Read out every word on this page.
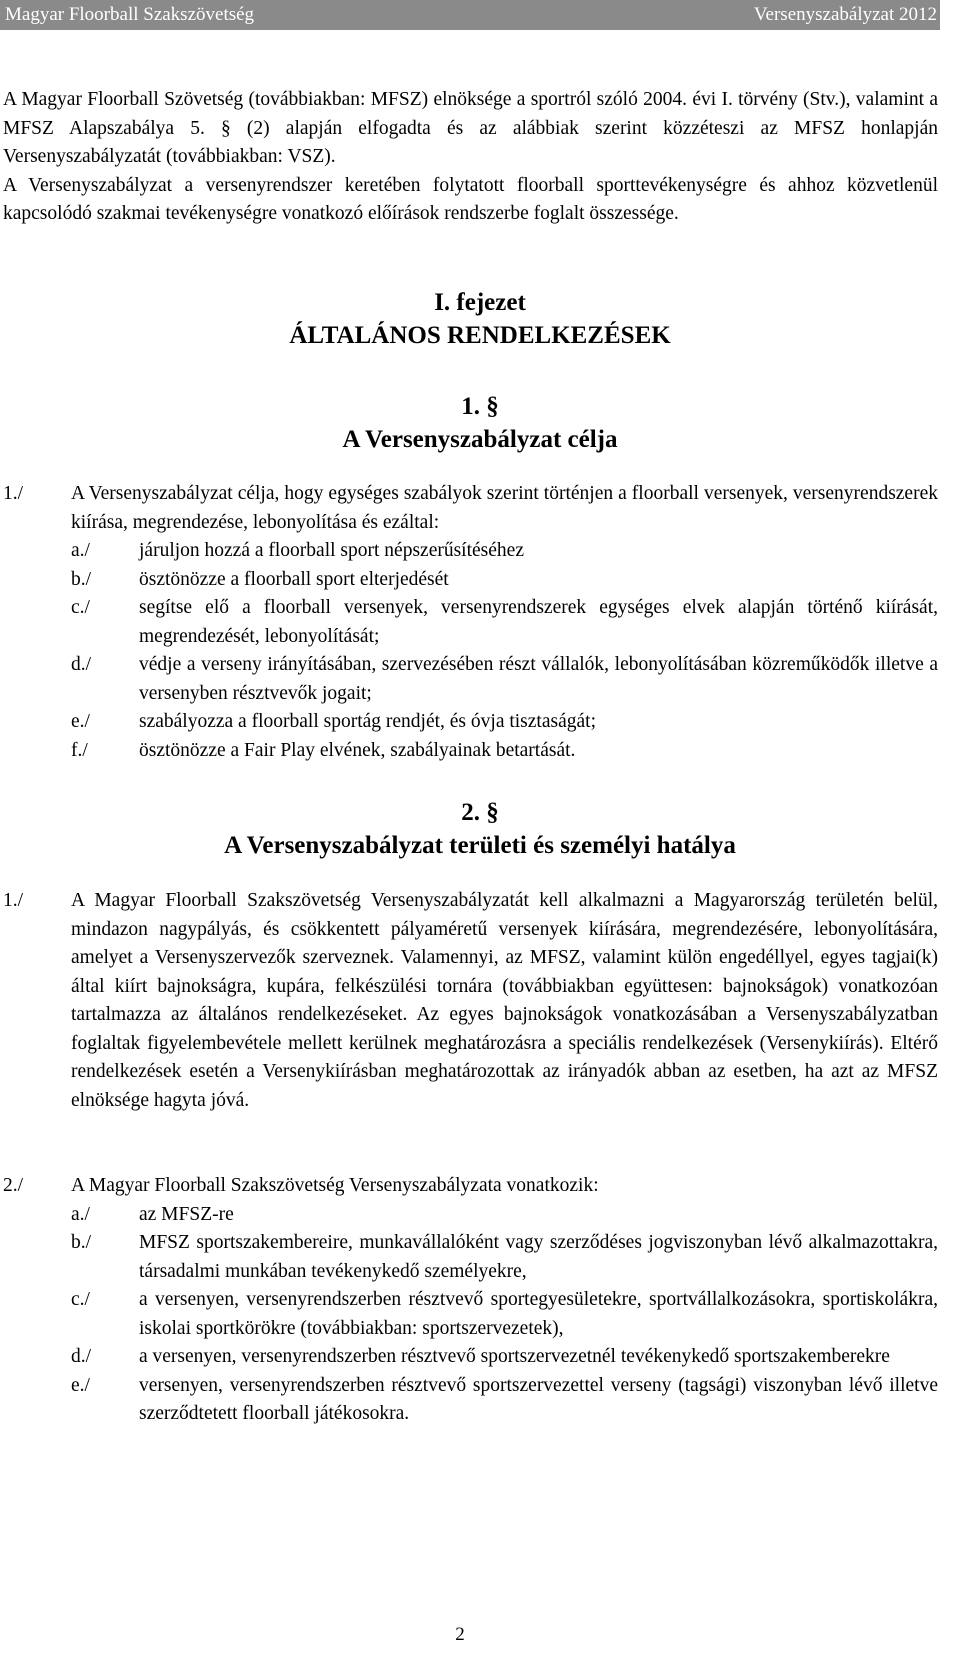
Magyar Floorball Szakszövetség	Versenyszabályzat 2012

A Magyar Floorball Szövetség (továbbiakban: MFSZ) elnöksége a sportról szóló 2004. évi I. törvény (Stv.), valamint a MFSZ Alapszabálya 5. § (2) alapján elfogadta és az alábbiak szerint közzéteszi az MFSZ honlapján Versenyszabályzatát (továbbiakban: VSZ).

A Versenyszabályzat a versenyrendszer keretében folytatott floorball sporttevékenységre és ahhoz közvetlenül kapcsolódó szakmai tevékenységre vonatkozó előírások rendszerbe foglalt összessége.

I. fejezet
ÁLTALÁNOS RENDELKEZÉSEK
1. §
A Versenyszabályzat célja
1./ A Versenyszabályzat célja, hogy egységes szabályok szerint történjen a floorball versenyek, versenyrendszerek kiírása, megrendezése, lebonyolítása és ezáltal:
a./	járuljon hozzá a floorball sport népszerűsítéséhez
b./ ösztönözze a floorball sport elterjedését
c./	segítse elő a floorball versenyek, versenyrendszerek egységes elvek alapján történő kiírását, megrendezését, lebonyolítását;
d./ védje a verseny irányításában, szervezésében részt vállalók, lebonyolításában közreműködők illetve a versenyben résztvevők jogait;
e./	szabályozza a floorball sportág rendjét, és óvja tisztaságát;
f./	ösztönözze a Fair Play elvének, szabályainak betartását.
2. §
A Versenyszabályzat területi és személyi hatálya
1./ A Magyar Floorball Szakszövetség Versenyszabályzatát kell alkalmazni a Magyarország területén belül, mindazon nagypályás, és csökkentett pályaméretű versenyek kiírására, megrendezésére, lebonyolítására, amelyet a Versenyszervezők szerveznek. Valamennyi, az MFSZ, valamint külön engedéllyel, egyes tagjai(k) által kiírt bajnokságra, kupára, felkészülési tornára (továbbiakban együttesen: bajnokságok) vonatkozóan tartalmazza az általános rendelkezéseket. Az egyes bajnokságok vonatkozásában a Versenyszabályzatban foglaltak figyelembevétele mellett kerülnek meghatározásra a speciális rendelkezések (Versenykiírás). Eltérő rendelkezések esetén a Versenykiírásban meghatározottak az irányadók abban az esetben, ha azt az MFSZ elnöksége hagyta jóvá.
2./ A Magyar Floorball Szakszövetség Versenyszabályzata vonatkozik:
a./	az MFSZ-re
b./ MFSZ sportszakembereire, munkavállalóként vagy szerződéses jogviszonyban lévő alkalmazottakra, társadalmi munkában tevékenykedő személyekre,
c./	a versenyen, versenyrendszerben résztvevő sportegyesületekre, sportvállalkozásokra, sportiskolákra, iskolai sportkörökre (továbbiakban: sportszervezetek),
d./ a versenyen, versenyrendszerben résztvevő sportszervezetnél tevékenykedő sportszakemberekre
e./	versenyen, versenyrendszerben résztvevő sportszervezettel verseny (tagsági) viszonyban lévő illetve szerződtetett floorball játékosokra.
2
